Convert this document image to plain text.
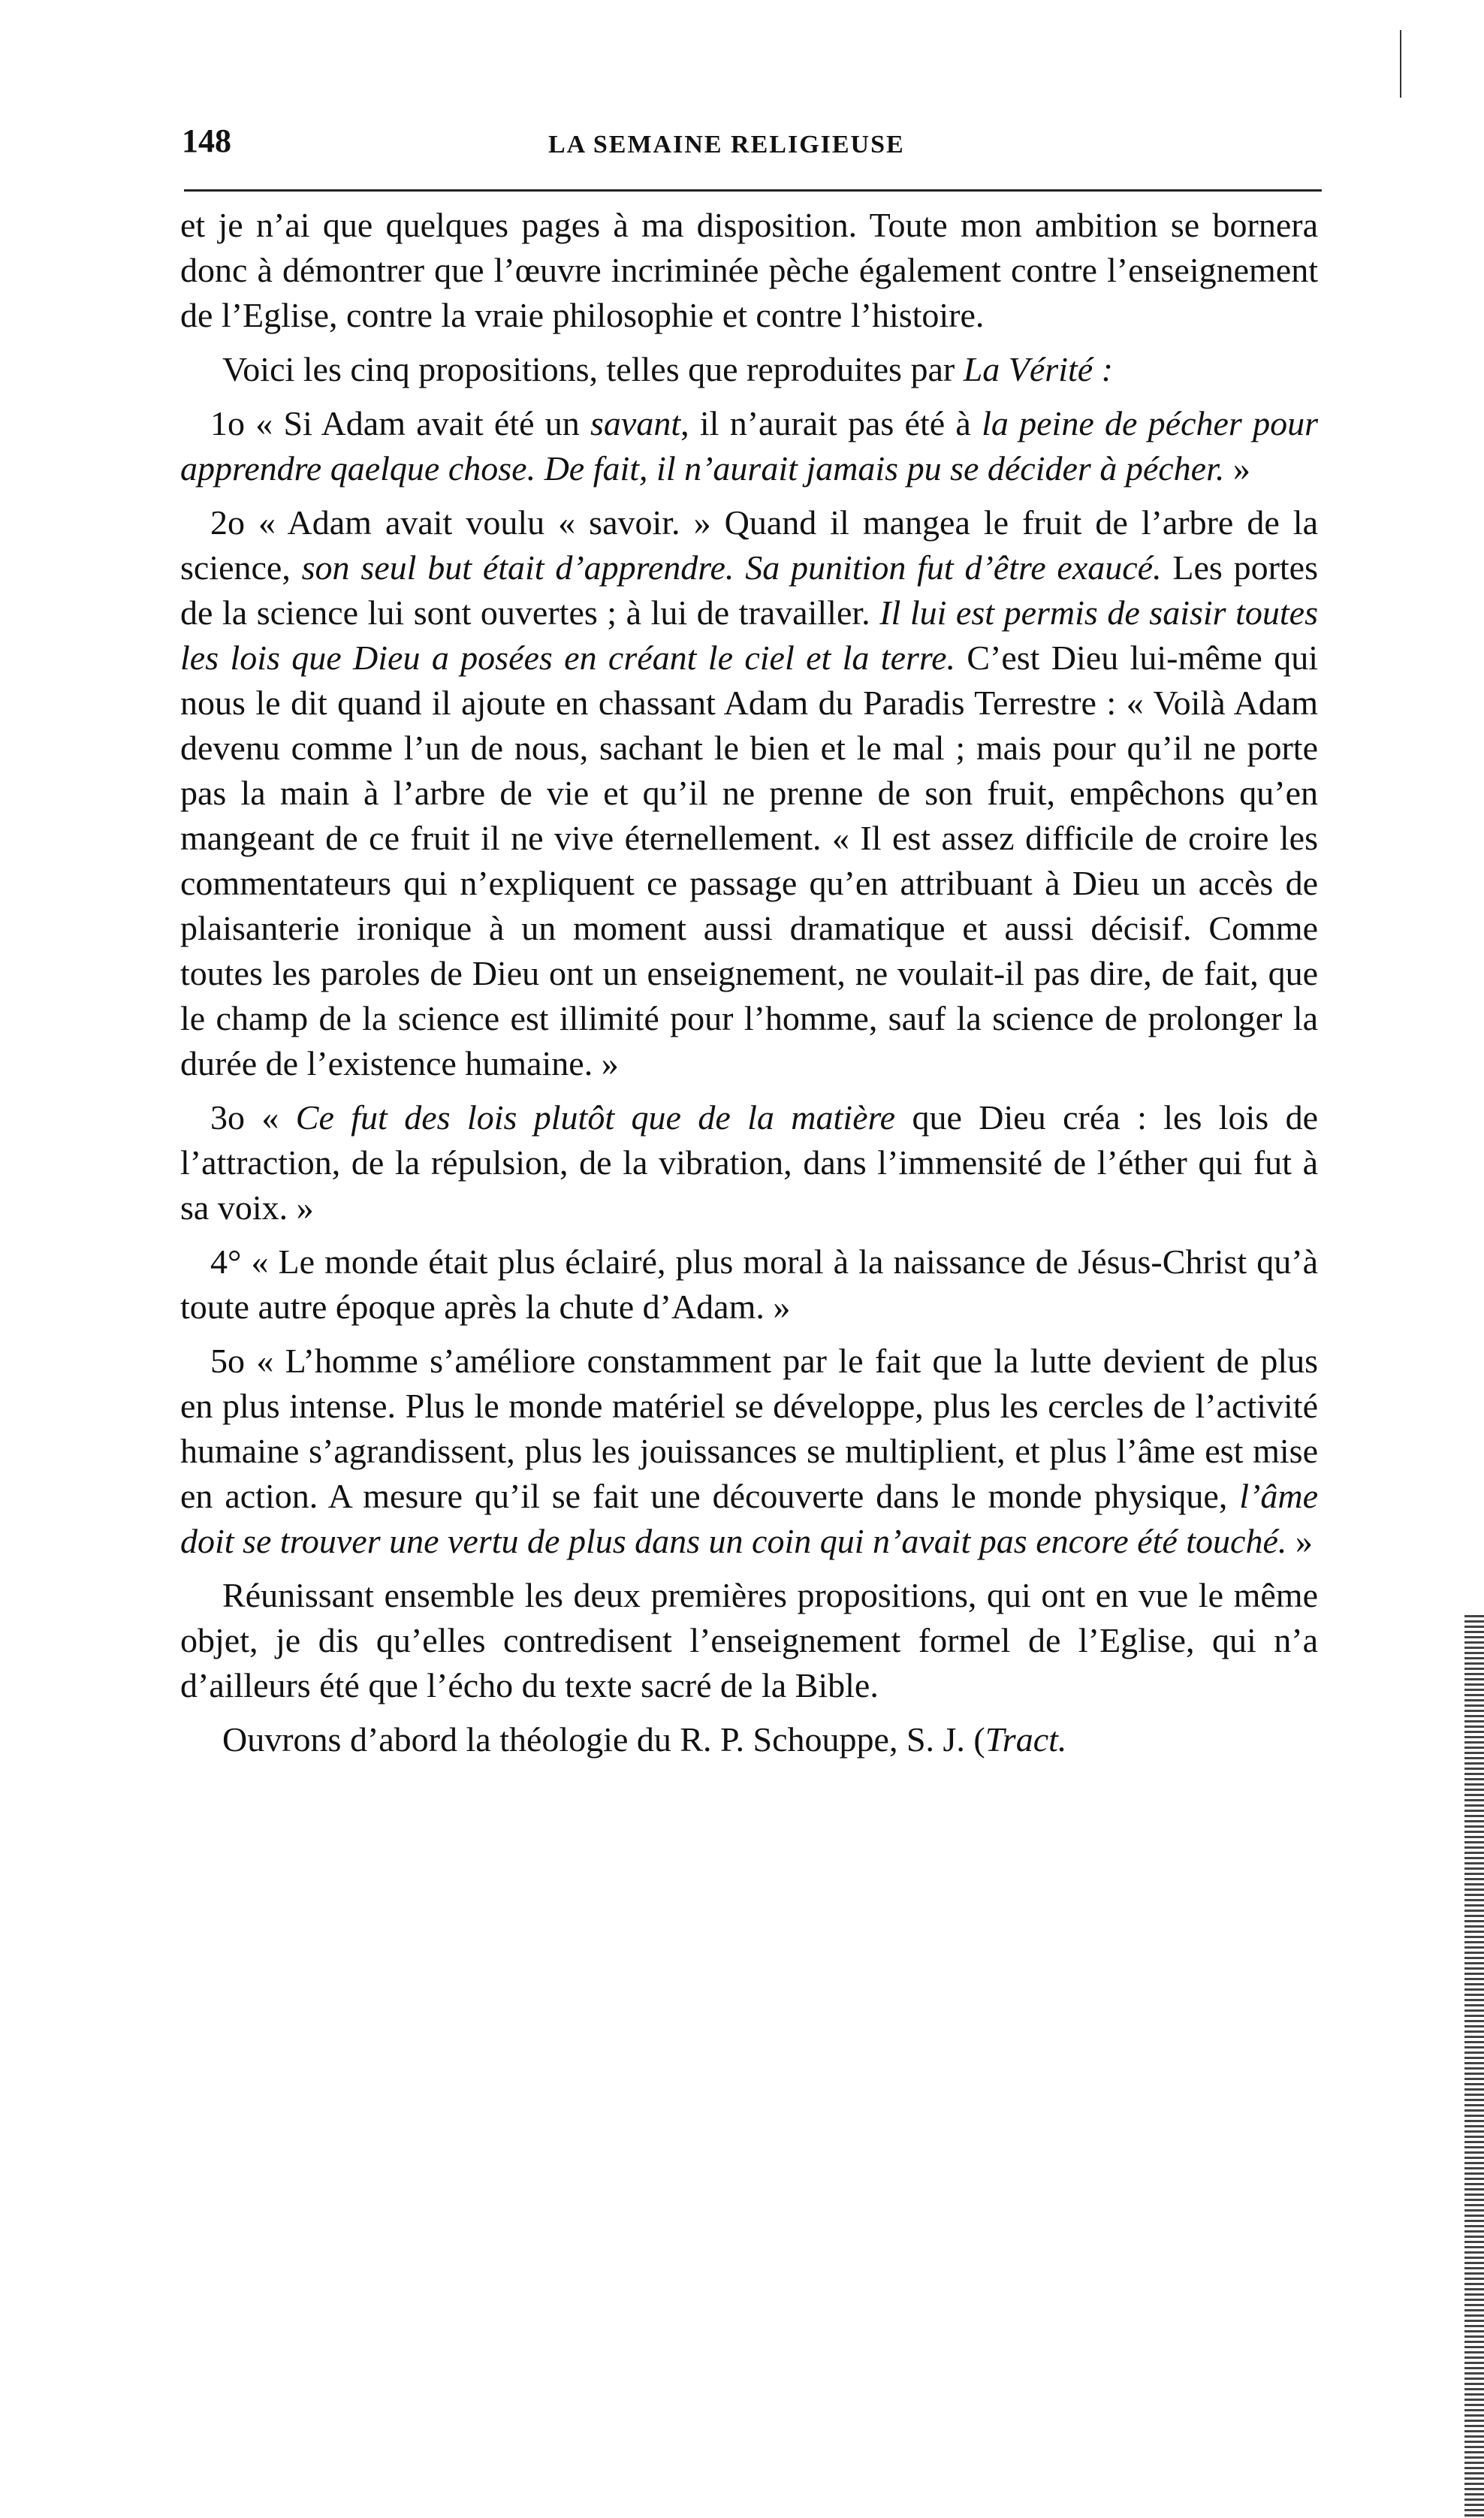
148	LA SEMAINE RELIGIEUSE

et je n’ai que quelques pages à ma disposition. Toute mon ambition se bornera donc à démontrer que l’œuvre incriminée pèche également contre l’enseignement de l’Eglise, contre la vraie philosophie et contre l’histoire.

Voici les cinq propositions, telles que reproduites par La Vérité :

1o « Si Adam avait été un savant, il n’aurait pas été à la peine de pécher pour apprendre qaelque chose. De fait, il n’aurait jamais pu se décider à pécher. »

2o « Adam avait voulu « savoir. » Quand il mangea le fruit de l’arbre de la science, son seul but était d’apprendre. Sa punition fut d’être exaucé. Les portes de la science lui sont ouvertes ; à lui de travailler. Il lui est permis de saisir toutes les lois que Dieu a posées en créant le ciel et la terre. C’est Dieu lui-même qui nous le dit quand il ajoute en chassant Adam du Paradis Terrestre : « Voilà Adam devenu comme l’un de nous, sachant le bien et le mal ; mais pour qu’il ne porte pas la main à l’arbre de vie et qu’il ne prenne de son fruit, empêchons qu’en mangeant de ce fruit il ne vive éternellement. « Il est assez difficile de croire les commentateurs qui n’expliquent ce passage qu’en attribuant à Dieu un accès de plaisanterie ironique à un moment aussi dramatique et aussi décisif. Comme toutes les paroles de Dieu ont un enseignement, ne voulait-il pas dire, de fait, que le champ de la science est illimité pour l’homme, sauf la science de prolonger la durée de l’existence humaine. »

3o « Ce fut des lois plutôt que de la matière que Dieu créa : les lois de l’attraction, de la répulsion, de la vibration, dans l’immensité de l’éther qui fut à sa voix. »

4° « Le monde était plus éclairé, plus moral à la naissance de Jésus-Christ qu’à toute autre époque après la chute d’Adam. »

5o « L’homme s’améliore constamment par le fait que la lutte devient de plus en plus intense. Plus le monde matériel se développe, plus les cercles de l’activité humaine s’agrandissent, plus les jouissances se multiplient, et plus l’âme est mise en action. A mesure qu’il se fait une découverte dans le monde physique, l’âme doit se trouver une vertu de plus dans un coin qui n’avait pas encore été touché. »

Réunissant ensemble les deux premières propositions, qui ont en vue le même objet, je dis qu’elles contredisent l’enseignement formel de l’Eglise, qui n’a d’ailleurs été que l’écho du texte sacré de la Bible.

Ouvrons d’abord la théologie du R. P. Schouppe, S. J. (Tract.
